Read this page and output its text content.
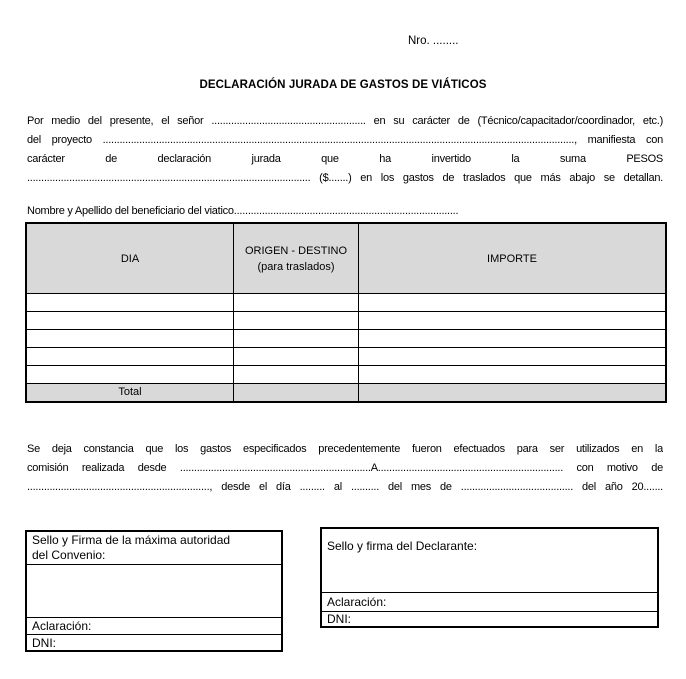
Nro. ........
DECLARACIÓN JURADA DE GASTOS DE VIÁTICOS
Por medio del presente, el señor ....................................................... en su carácter de (Técnico/capacitador/coordinador, etc.)
del proyecto ........................................................................................................................................................................, manifiesta con
carácter de declaración jurada que ha invertido la suma PESOS
..................................................................................................... ($.......) en los gastos de traslados que más abajo se detallan.
Nombre y Apellido del beneficiario del viatico................................................................................
DIA
ORIGEN - DESTINO
(para traslados)
IMPORTE
Total
Se deja constancia que los gastos especificados precedentemente fueron efectuados para ser utilizados en la
comisión realizada desde ....................................................................A.................................................................. con motivo de
................................................................., desde el día ......... al .......... del mes de ........................................ del año 20.......
Sello y Firma de la máxima autoridad
del Convenio:
Aclaración:
DNI:
Sello y firma del Declarante:
Aclaración:
DNI:
